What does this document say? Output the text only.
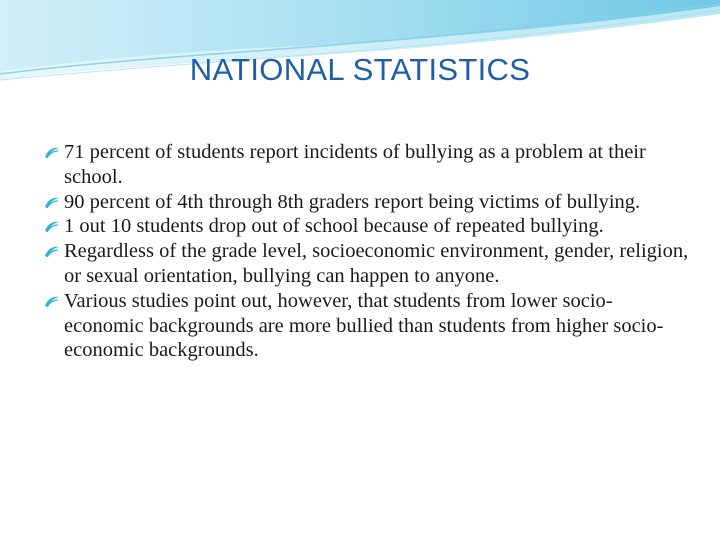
NATIONAL STATISTICS
71 percent of students report incidents of bullying as a problem at their school.
90 percent of 4th through 8th graders report being victims of bullying.
1 out 10 students drop out of school because of repeated bullying.
Regardless of the grade level, socioeconomic environment, gender, religion, or sexual orientation, bullying can happen to anyone.
Various studies point out, however, that students from lower socio-economic backgrounds are more bullied than students from higher socio-economic backgrounds.
